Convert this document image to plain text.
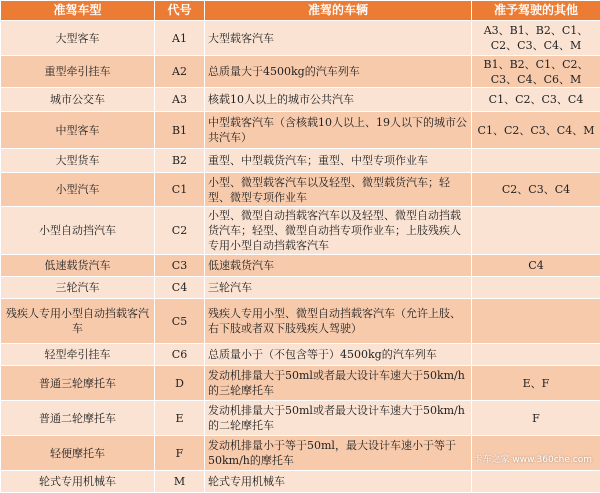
准驾车型	代号	准驾的车辆	准予驾驶的其他
大型客车	A1	大型载客汽车	A3、B1、B2、C1、C2、C3、C4、M
重型牵引挂车	A2	总质量大于4500kg的汽车列车	B1、B2、C1、C2、C3、C4、C6、M
城市公交车	A3	核载10人以上的城市公共汽车	C1、C2、C3、C4
中型客车	B1	中型载客汽车（含核载10人以上、19人以下的城市公共汽车）	C1、C2、C3、C4、M
大型货车	B2	重型、中型载货汽车；重型、中型专项作业车	
小型汽车	C1	小型、微型载客汽车以及轻型、微型载货汽车；轻型、微型专项作业车	C2、C3、C4
小型自动挡汽车	C2	小型、微型自动挡载客汽车以及轻型、微型自动挡载货汽车；轻型、微型自动挡专项作业车；上肢残疾人专用小型自动挡载客汽车	
低速载货汽车	C3	低速载货汽车	C4
三轮汽车	C4	三轮汽车	
残疾人专用小型自动挡载客汽车	C5	残疾人专用小型、微型自动挡载客汽车（允许上肢、右下肢或者双下肢残疾人驾驶）	
轻型牵引挂车	C6	总质量小于（不包含等于）4500kg的汽车列车	
普通三轮摩托车	D	发动机排量大于50ml或者最大设计车速大于50km/h的三轮摩托车	E、F
普通二轮摩托车	E	发动机排量大于50ml或者最大设计车速大于50km/h的二轮摩托车	F
轻便摩托车	F	发动机排量小于等于50ml，最大设计车速小于等于50km/h的摩托车	
轮式专用机械车	M	轮式专用机械车	
卡车之家 www.360che.com
